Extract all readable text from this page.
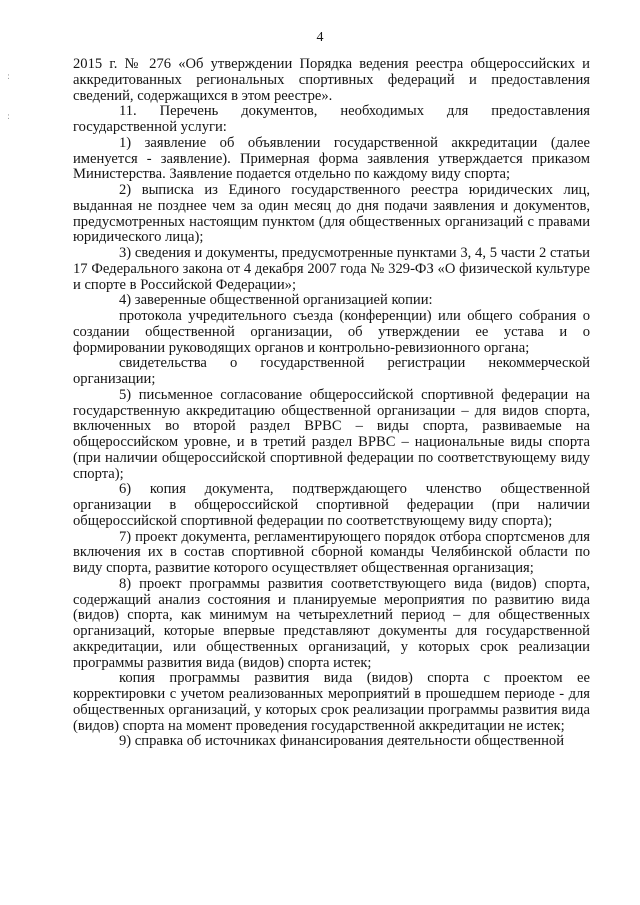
4
:
:

2015 г. № 276 «Об утверждении Порядка ведения реестра общероссийских и аккредитованных региональных спортивных федераций и предоставления сведений, содержащихся в этом реестре».

11. Перечень документов, необходимых для предоставления государственной услуги:

1) заявление об объявлении государственной аккредитации (далее именуется - заявление). Примерная форма заявления утверждается приказом Министерства. Заявление подается отдельно по каждому виду спорта;

2) выписка из Единого государственного реестра юридических лиц, выданная не позднее чем за один месяц до дня подачи заявления и документов, предусмотренных настоящим пунктом (для общественных организаций с правами юридического лица);

3) сведения и документы, предусмотренные пунктами 3, 4, 5 части 2 статьи 17 Федерального закона от 4 декабря 2007 года № 329-ФЗ «О физической культуре и спорте в Российской Федерации»;

4) заверенные общественной организацией копии:

протокола учредительного съезда (конференции) или общего собрания о создании общественной организации, об утверждении ее устава и о формировании руководящих органов и контрольно-ревизионного органа;

свидетельства о государственной регистрации некоммерческой организации;

5) письменное согласование общероссийской спортивной федерации на государственную аккредитацию общественной организации – для видов спорта, включенных во второй раздел ВРВС – виды спорта, развиваемые на общероссийском уровне, и в третий раздел ВРВС – национальные виды спорта (при наличии общероссийской спортивной федерации по соответствующему виду спорта);

6) копия документа, подтверждающего членство общественной организации в общероссийской спортивной федерации (при наличии общероссийской спортивной федерации по соответствующему виду спорта);

7) проект документа, регламентирующего порядок отбора спортсменов для включения их в состав спортивной сборной команды Челябинской области по виду спорта, развитие которого осуществляет общественная организация;

8) проект программы развития соответствующего вида (видов) спорта, содержащий анализ состояния и планируемые мероприятия по развитию вида (видов) спорта, как минимум на четырехлетний период – для общественных организаций, которые впервые представляют документы для государственной аккредитации, или общественных организаций, у которых срок реализации программы развития вида (видов) спорта истек;

копия программы развития вида (видов) спорта с проектом ее корректировки с учетом реализованных мероприятий в прошедшем периоде - для общественных организаций, у которых срок реализации программы развития вида (видов) спорта на момент проведения государственной аккредитации не истек;

9) справка об источниках финансирования деятельности общественной
